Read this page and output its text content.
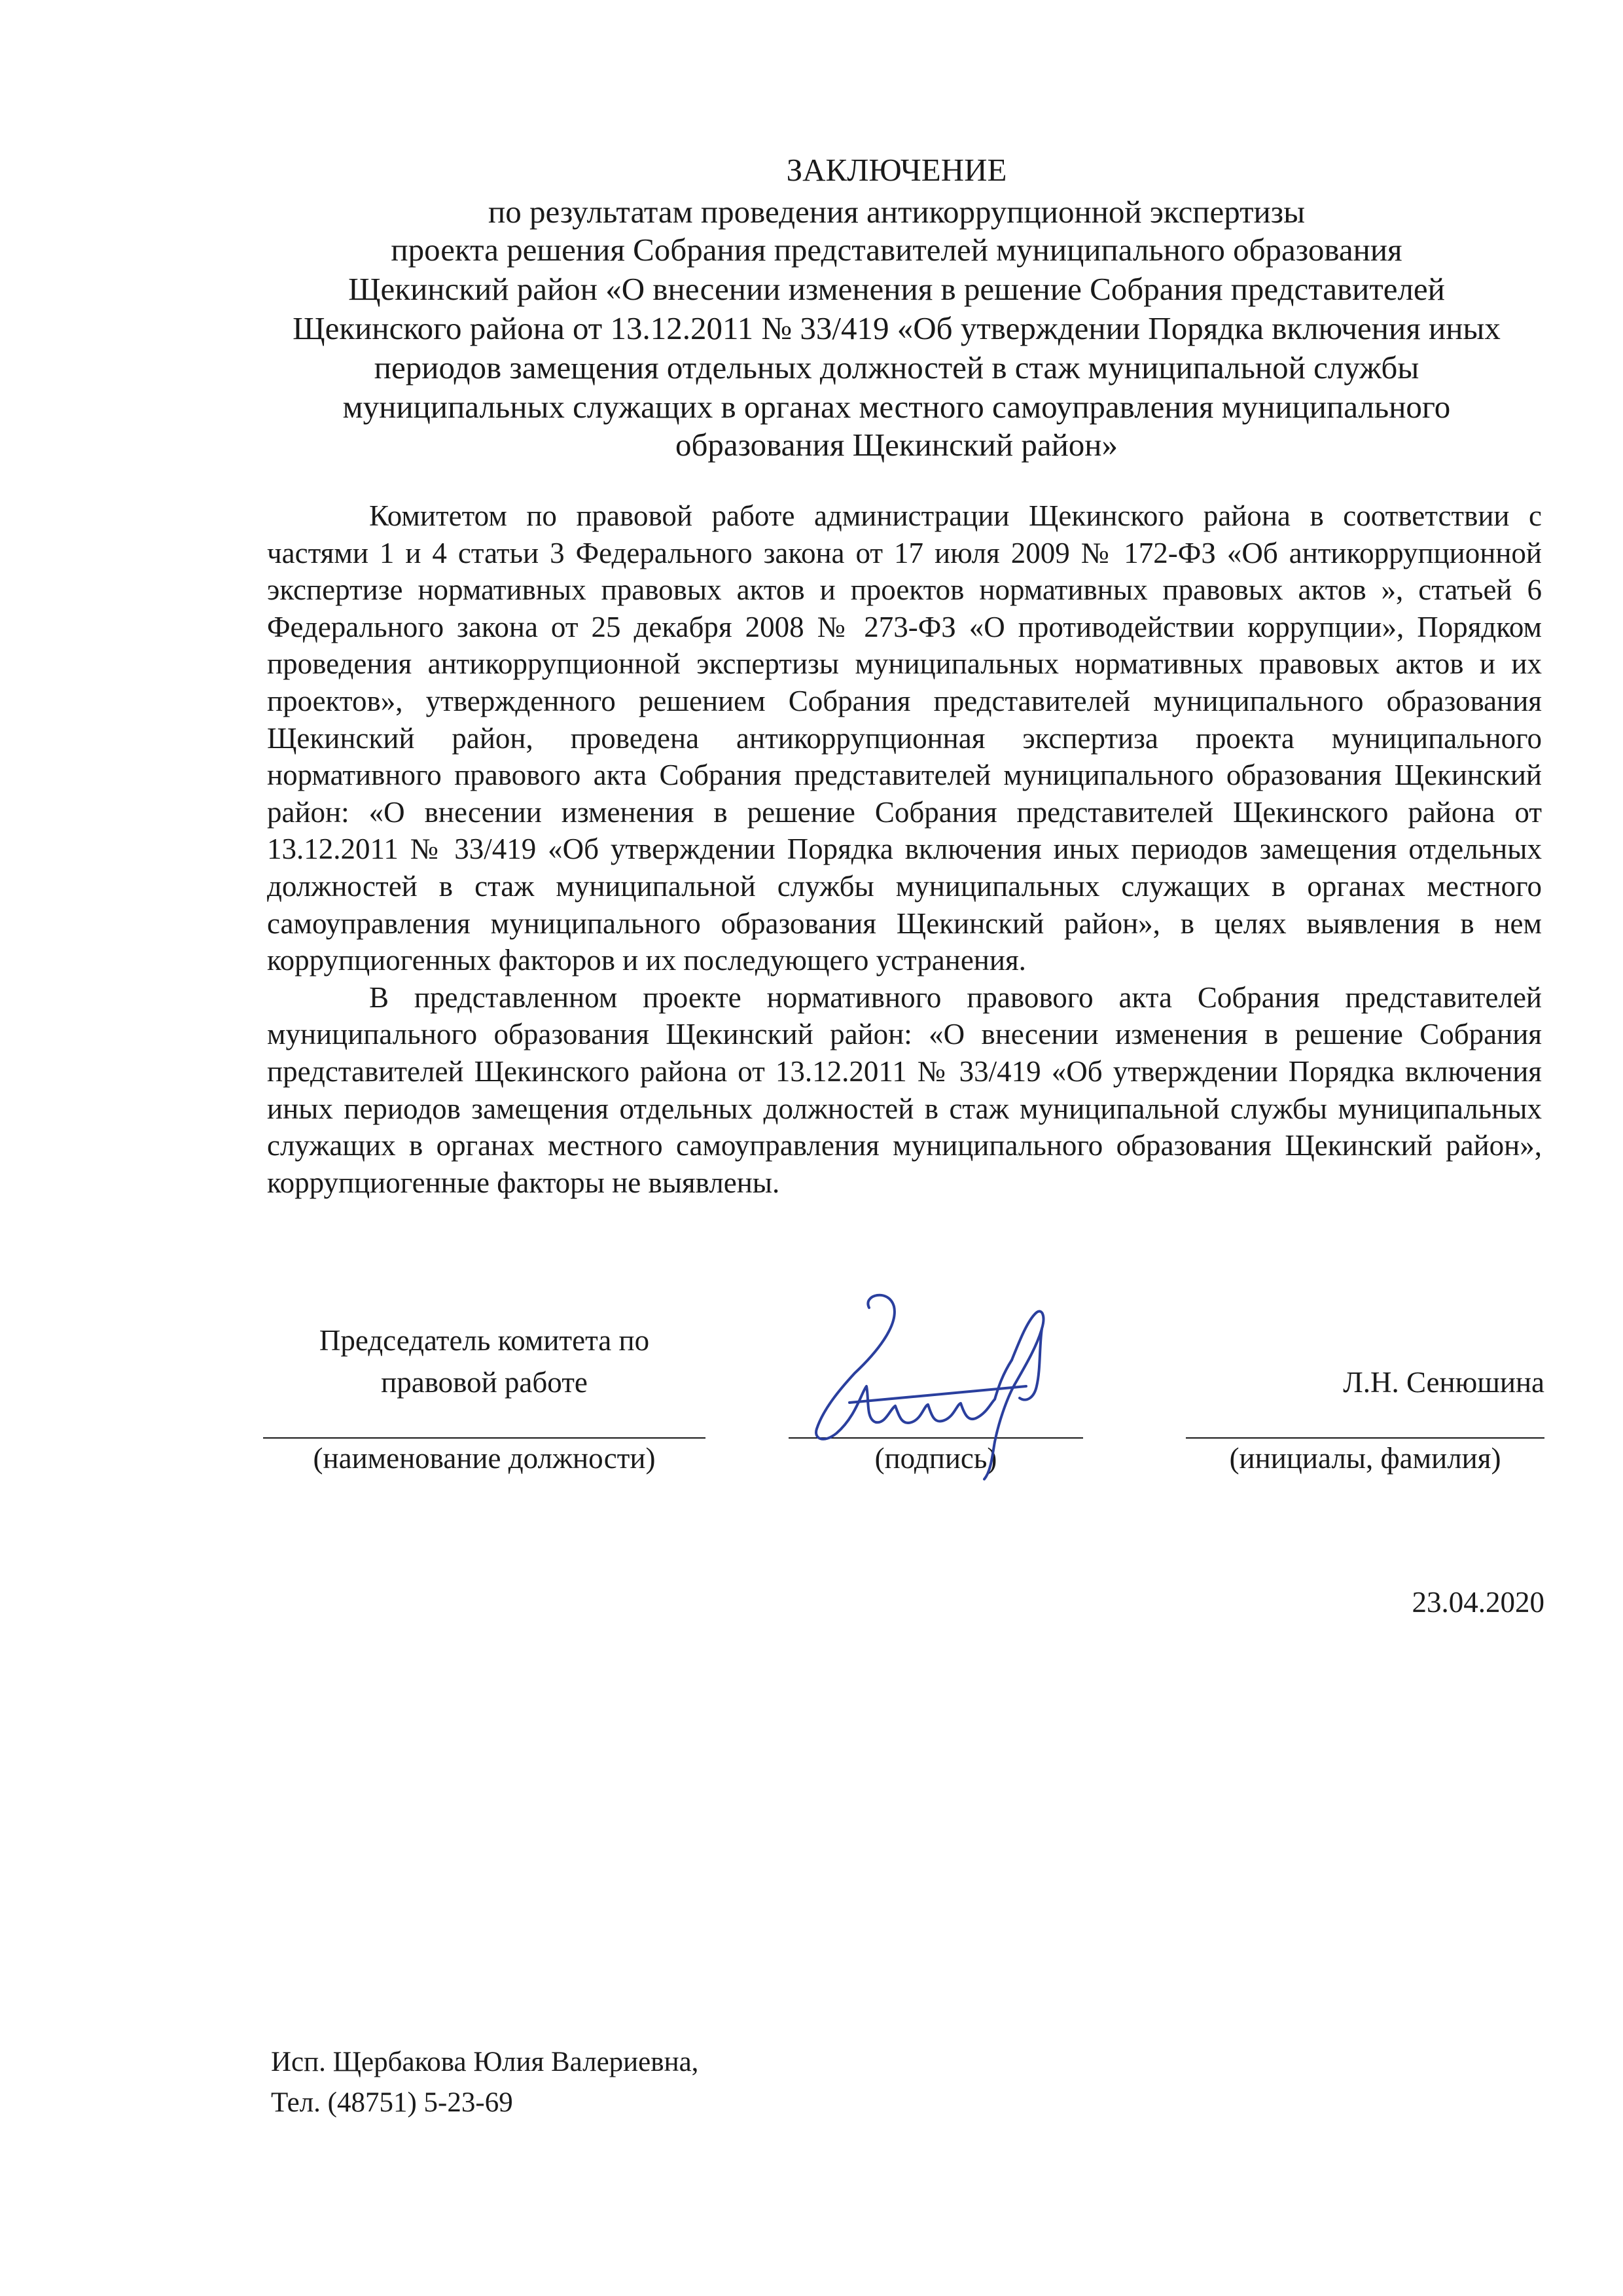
ЗАКЛЮЧЕНИЕ
по результатам проведения антикоррупционной экспертизы
проекта решения Собрания представителей муниципального образования
Щекинский район «О внесении изменения в решение Собрания представителей
Щекинского района от 13.12.2011 № 33/419 «Об утверждении Порядка включения иных
периодов замещения отдельных должностей в стаж муниципальной службы
муниципальных служащих в органах местного самоуправления муниципального
образования Щекинский район»

Комитетом по правовой работе администрации Щекинского района в соответствии с частями 1 и 4 статьи 3 Федерального закона от 17 июля 2009 № 172-ФЗ «Об антикоррупционной экспертизе нормативных правовых актов и проектов нормативных правовых актов », статьей 6 Федерального закона от 25 декабря 2008 № 273-ФЗ «О противодействии коррупции», Порядком проведения антикоррупционной экспертизы муниципальных нормативных правовых актов и их проектов», утвержденного решением Собрания представителей муниципального образования Щекинский район, проведена антикоррупционная экспертиза проекта муниципального нормативного правового акта Собрания представителей муниципального образования Щекинский район: «О внесении изменения в решение Собрания представителей Щекинского района от 13.12.2011 № 33/419 «Об утверждении Порядка включения иных периодов замещения отдельных должностей в стаж муниципальной службы муниципальных служащих в органах местного самоуправления муниципального образования Щекинский район», в целях выявления в нем коррупциогенных факторов и их последующего устранения.

В представленном проекте нормативного правового акта Собрания представителей муниципального образования Щекинский район: «О внесении изменения в решение Собрания представителей Щекинского района от 13.12.2011 № 33/419 «Об утверждении Порядка включения иных периодов замещения отдельных должностей в стаж муниципальной службы муниципальных служащих в органах местного самоуправления муниципального образования Щекинский район», коррупциогенные факторы не выявлены.

Председатель комитета по
правовой работе
(наименование должности)	(подпись)
Л.Н. Сенюшина
(инициалы, фамилия)
23.04.2020
Исп. Щербакова Юлия Валериевна,
Тел. (48751) 5-23-69
